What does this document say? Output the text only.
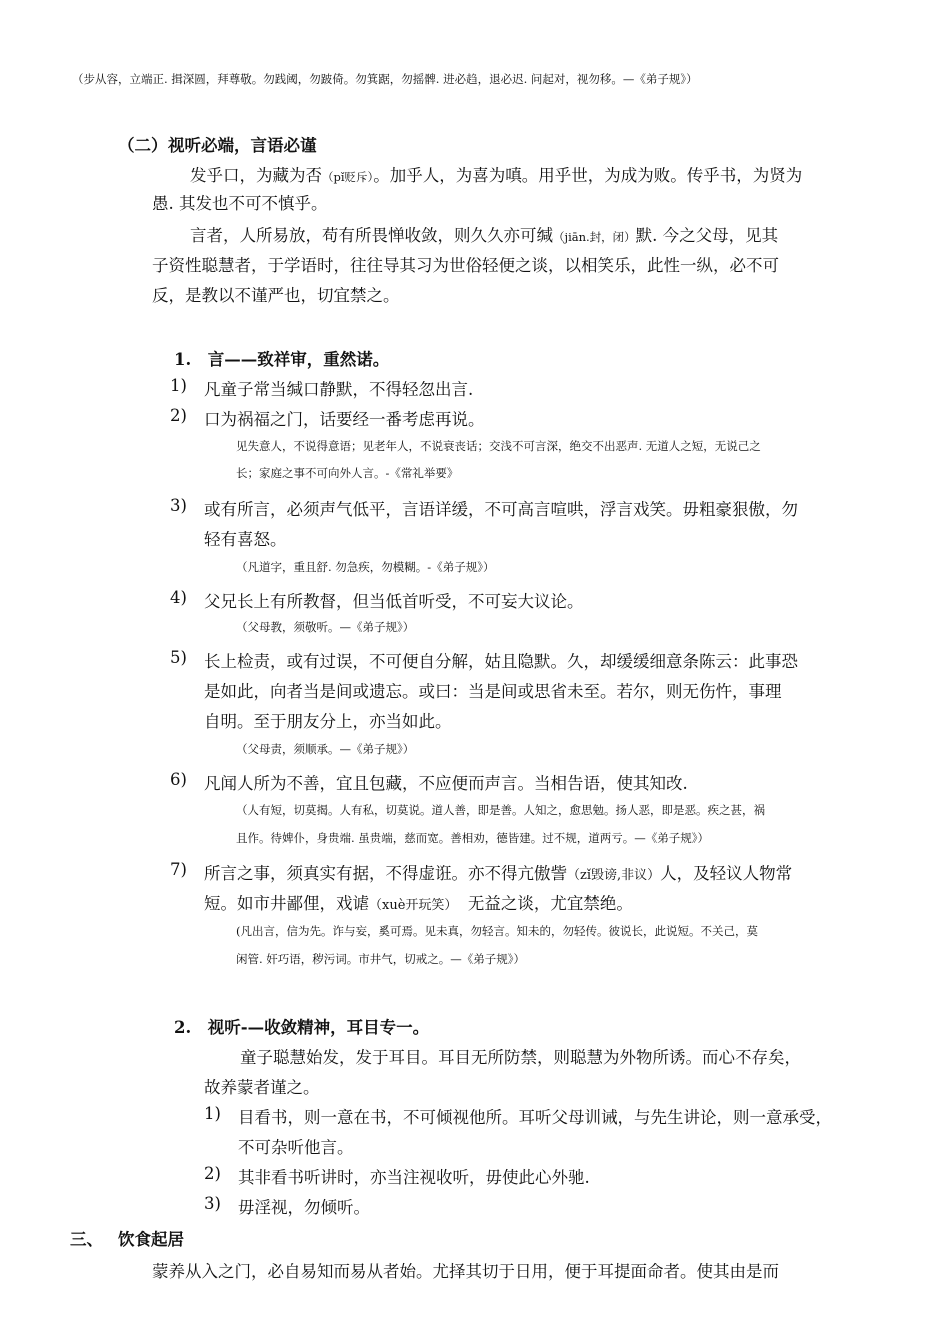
（步从容，立端正. 揖深圆，拜尊敬。勿践阈，勿跛倚。勿箕踞，勿摇髀. 进必趋，退必迟. 问起对，视勿移。—《弟子规》）
（二） 视听必端，言语必谨
发乎口，为藏为否（pǐ贬斥）。加乎人，为喜为嗔。用乎世，为成为败。传乎书，为贤为
愚. 其发也不可不慎乎。
言者，人所易放，苟有所畏惮收敛，则久久亦可缄（jiān.封，闭）默. 今之父母，见其
子资性聪慧者，于学语时，往往导其习为世俗轻便之谈，以相笑乐，此性一纵，必不可
反，是教以不谨严也，切宜禁之。
1.　言——致祥审，重然诺。
1) 凡童子常当缄口静默，不得轻忽出言.
2) 口为祸福之门，话要经一番考虑再说。
见失意人，不说得意语；见老年人，不说衰丧话；交浅不可言深，绝交不出恶声. 无道人之短，无说己之
长；家庭之事不可向外人言。-《常礼举要》
3) 或有所言，必须声气低平，言语详缓，不可高言喧哄，浮言戏笑。毋粗豪狠傲，勿
轻有喜怒。
（凡道字，重且舒. 勿急疾，勿模糊。-《弟子规》）
4) 父兄长上有所教督，但当低首听受，不可妄大议论。
（父母教，须敬听。—《弟子规》）
5) 长上检责，或有过误，不可便自分解，姑且隐默。久，却缓缓细意条陈云：此事恐
是如此，向者当是间或遗忘。或曰：当是间或思省未至。若尔，则无伤忤，事理
自明。至于朋友分上，亦当如此。
（父母责，须顺承。—《弟子规》）
6) 凡闻人所为不善，宜且包藏，不应便而声言。当相告语，使其知改.
（人有短，切莫揭。人有私，切莫说。道人善，即是善。人知之，愈思勉。扬人恶，即是恶。疾之甚，祸
且作。待婢仆，身贵端. 虽贵端，慈而宽。善相劝，德皆建。过不规，道两亏。—《弟子规》）
7) 所言之事，须真实有据，不得虚诳。亦不得亢傲訾（zǐ毁谤,非议）人，及轻议人物常
短。如市井鄙俚，戏谑（xuè开玩笑） 无益之谈，尤宜禁绝。
(凡出言，信为先。诈与妄，奚可焉。见未真，勿轻言。知未的，勿轻传。彼说长，此说短。不关己，莫
闲管. 奸巧语，秽污词。市井气，切戒之。—《弟子规》）
2.　视听-—收敛精神，耳目专一。
童子聪慧始发，发于耳目。耳目无所防禁，则聪慧为外物所诱。而心不存矣，
故养蒙者谨之。
1) 目看书，则一意在书，不可倾视他所。耳听父母训诫，与先生讲论，则一意承受，
不可杂听他言。
2) 其非看书听讲时，亦当注视收听，毋使此心外驰.
3) 毋淫视，勿倾听。
三、 饮食起居
蒙养从入之门，必自易知而易从者始。尤择其切于日用，便于耳提面命者。使其由是而
